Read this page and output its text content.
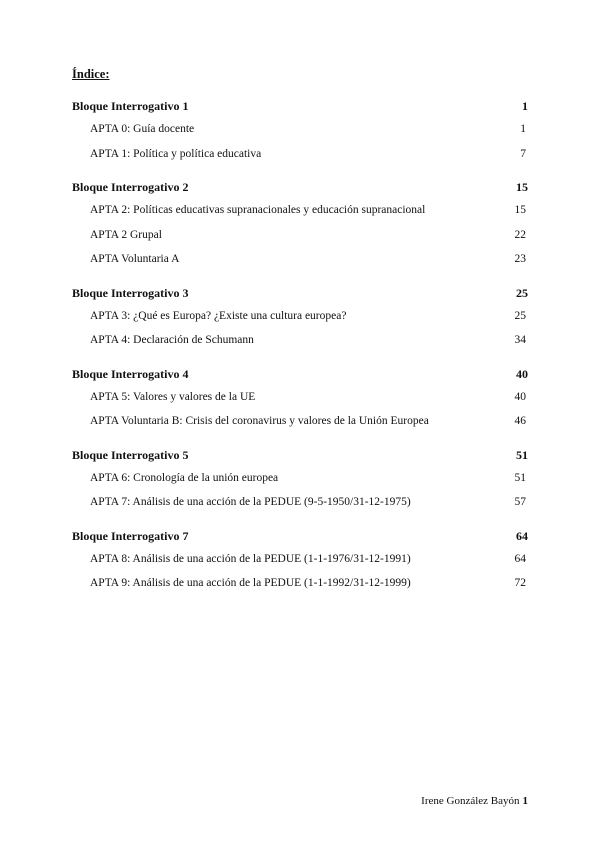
Índice:
Bloque Interrogativo 1	1
APTA 0: Guía docente	1
APTA 1: Política y política educativa	7
Bloque Interrogativo 2	15
APTA 2: Políticas educativas supranacionales y educación supranacional	15
APTA 2 Grupal	22
APTA Voluntaria A	23
Bloque Interrogativo 3	25
APTA 3: ¿Qué es Europa? ¿Existe una cultura europea?	25
APTA 4: Declaración de Schumann	34
Bloque Interrogativo 4	40
APTA 5: Valores y valores de la UE	40
APTA Voluntaria B: Crisis del coronavirus y valores de la Unión Europea	46
Bloque Interrogativo 5	51
APTA 6: Cronología de la unión europea	51
APTA 7: Análisis de una acción de la PEDUE (9-5-1950/31-12-1975)	57
Bloque Interrogativo 7	64
APTA 8: Análisis de una acción de la PEDUE (1-1-1976/31-12-1991)	64
APTA 9: Análisis de una acción de la PEDUE (1-1-1992/31-12-1999)	72
Irene González Bayón 1
